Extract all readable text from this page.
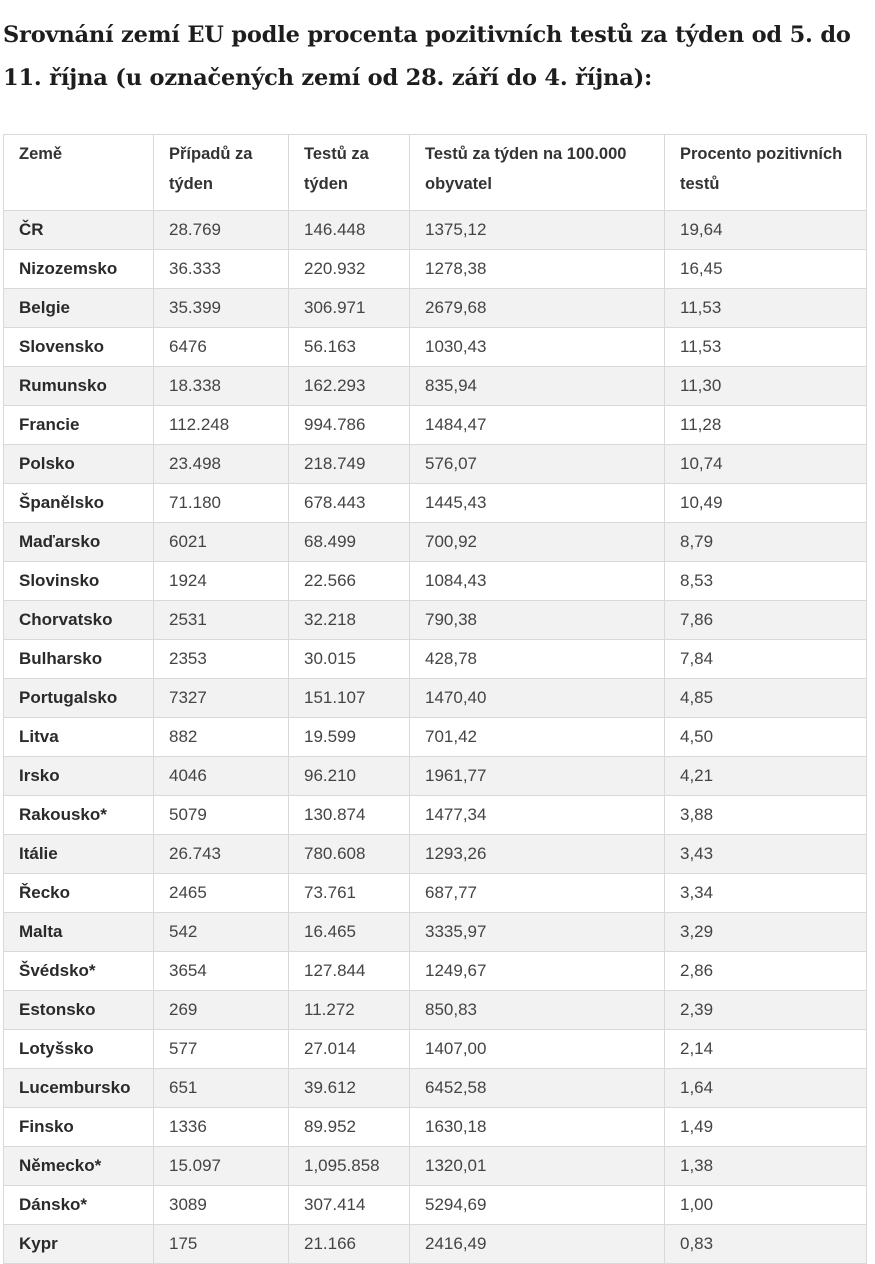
Srovnání zemí EU podle procenta pozitivních testů za týden od 5. do 11. října (u označených zemí od 28. září do 4. října):
Země	Případů za týden	Testů za týden	Testů za týden na 100.000 obyvatel	Procento pozitivních testů
ČR	28.769	146.448	1375,12	19,64
Nizozemsko	36.333	220.932	1278,38	16,45
Belgie	35.399	306.971	2679,68	11,53
Slovensko	6476	56.163	1030,43	11,53
Rumunsko	18.338	162.293	835,94	11,30
Francie	112.248	994.786	1484,47	11,28
Polsko	23.498	218.749	576,07	10,74
Španělsko	71.180	678.443	1445,43	10,49
Maďarsko	6021	68.499	700,92	8,79
Slovinsko	1924	22.566	1084,43	8,53
Chorvatsko	2531	32.218	790,38	7,86
Bulharsko	2353	30.015	428,78	7,84
Portugalsko	7327	151.107	1470,40	4,85
Litva	882	19.599	701,42	4,50
Irsko	4046	96.210	1961,77	4,21
Rakousko*	5079	130.874	1477,34	3,88
Itálie	26.743	780.608	1293,26	3,43
Řecko	2465	73.761	687,77	3,34
Malta	542	16.465	3335,97	3,29
Švédsko*	3654	127.844	1249,67	2,86
Estonsko	269	11.272	850,83	2,39
Lotyšsko	577	27.014	1407,00	2,14
Lucembursko	651	39.612	6452,58	1,64
Finsko	1336	89.952	1630,18	1,49
Německo*	15.097	1,095.858	1320,01	1,38
Dánsko*	3089	307.414	5294,69	1,00
Kypr	175	21.166	2416,49	0,83
